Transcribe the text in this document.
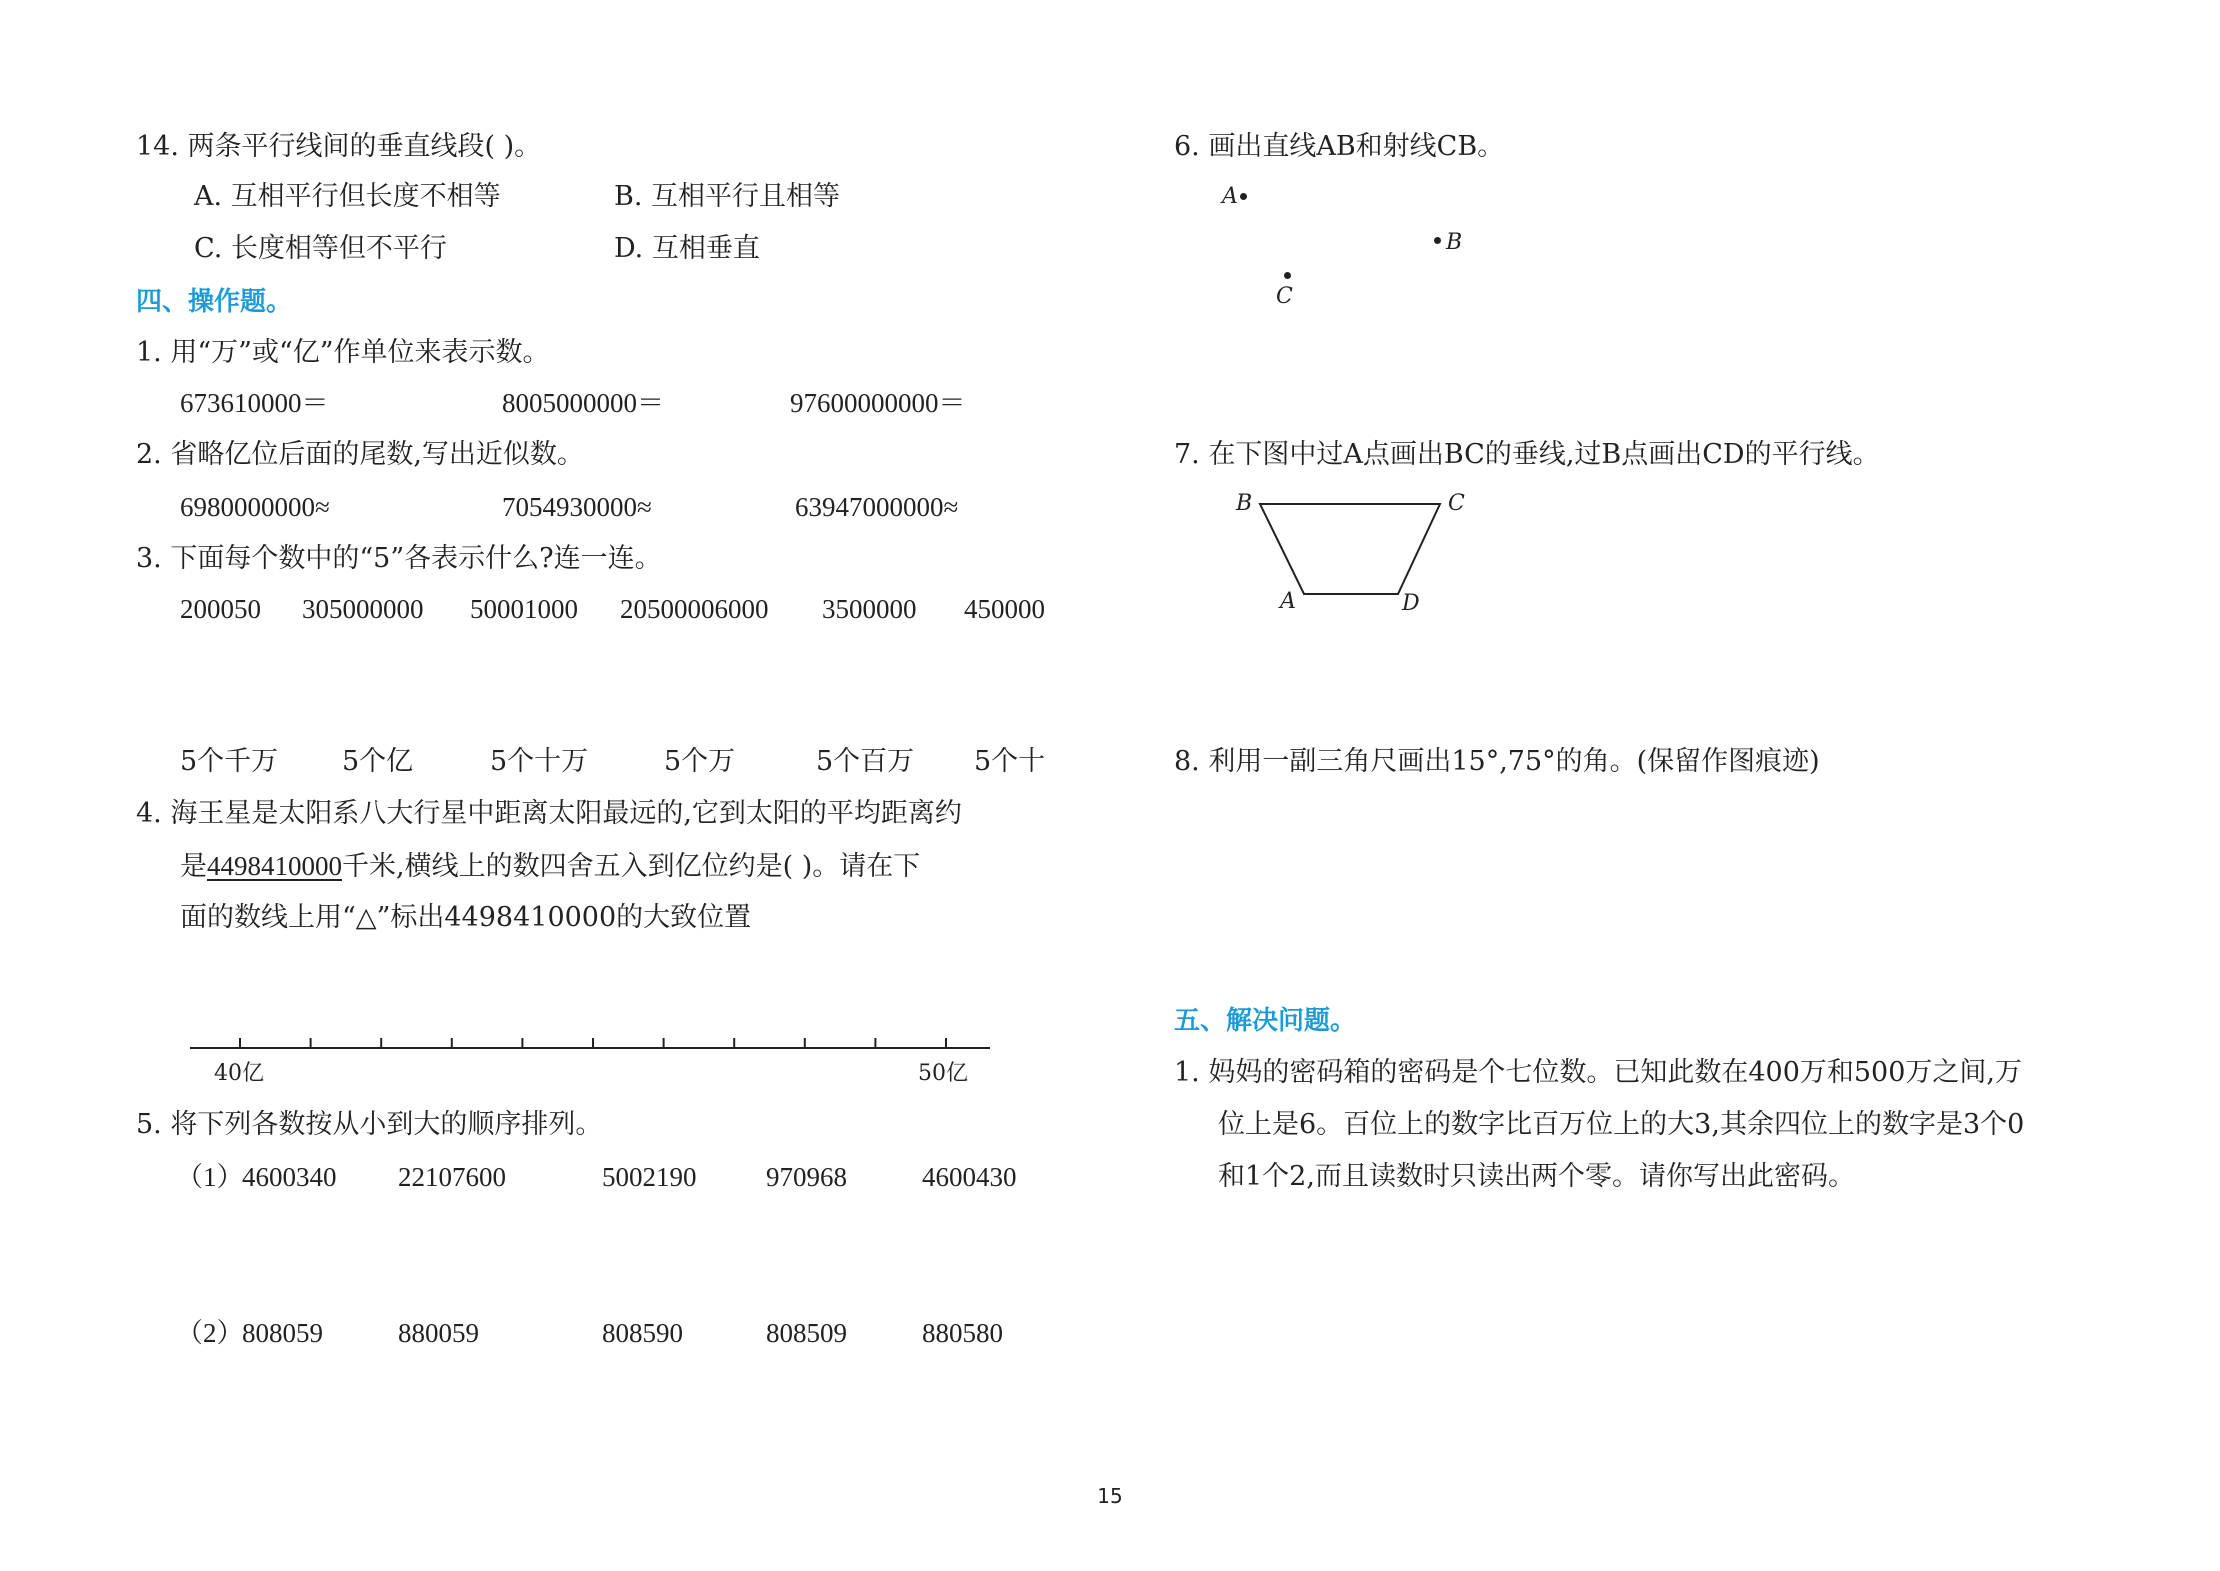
14. 两条平行线间的垂直线段( )。
A. 互相平行但长度不相等	B. 互相平行且相等
C. 长度相等但不平行	D. 互相垂直
四、操作题。
1. 用“万”或“亿”作单位来表示数。
673610000＝	8005000000＝	97600000000＝
2. 省略亿位后面的尾数,写出近似数。
6980000000≈	7054930000≈	63947000000≈
3. 下面每个数中的“5”各表示什么?连一连。
200050 305000000 50001000 20500006000 3500000 450000
5个千万 5个亿	5个十万	5个万	5个百万 5个十
4. 海王星是太阳系八大行星中距离太阳最远的,它到太阳的平均距离约
是4498410000千米,横线上的数四舍五入到亿位约是( )。请在下
面的数线上用“△”标出4498410000的大致位置
40亿	50亿
5. 将下列各数按从小到大的顺序排列。
（1）
4600340 22107600	5002190	970968	4600430
（2）
808059	880059	808590	808509	880580
6. 画出直线AB和射线CB。
A
B
C
7. 在下图中过A点画出BC的垂线,过B点画出CD的平行线。
B	C
A	D
8. 利用一副三角尺画出15°,75°的角。(保留作图痕迹)
五、解决问题。
1. 妈妈的密码箱的密码是个七位数。已知此数在400万和500万之间,万
位上是6。百位上的数字比百万位上的大3,其余四位上的数字是3个0
和1个2,而且读数时只读出两个零。请你写出此密码。
15
